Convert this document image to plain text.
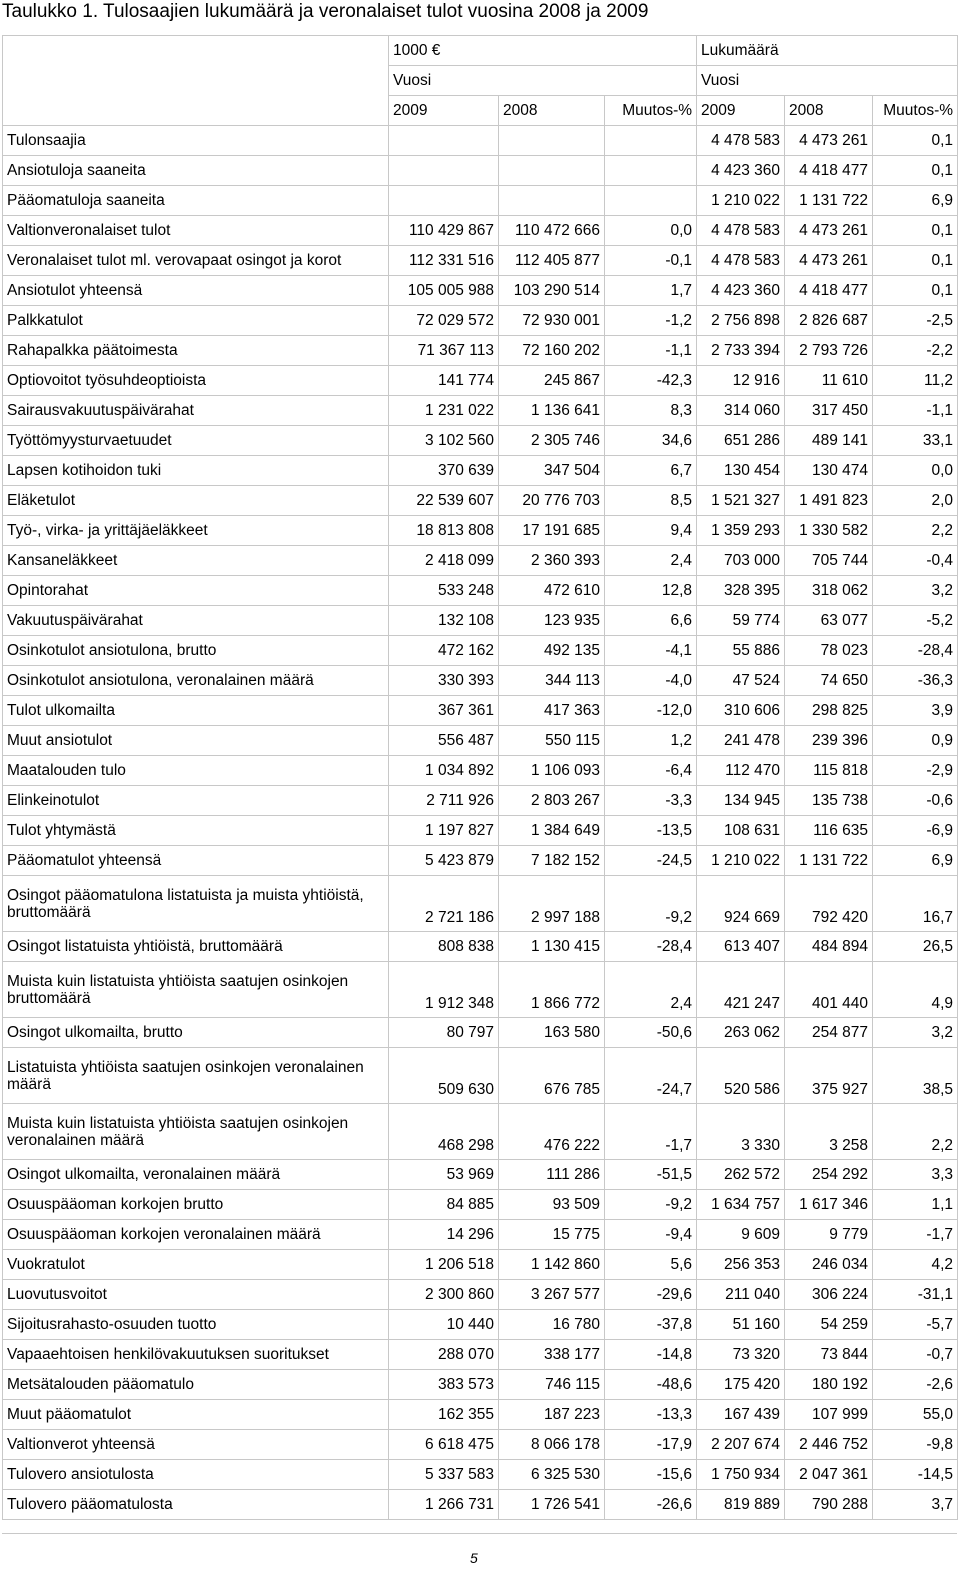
Taulukko 1. Tulosaajien lukumäärä ja veronalaiset tulot vuosina 2008 ja 2009
	1000 €			Lukumäärä		
	Vuosi			Vuosi		
	2009	2008	Muutos-%	2009	2008	Muutos-%
Tulonsaajia				4 478 583	4 473 261	0,1
Ansiotuloja saaneita				4 423 360	4 418 477	0,1
Pääomatuloja saaneita				1 210 022	1 131 722	6,9
Valtionveronalaiset tulot	110 429 867	110 472 666	0,0	4 478 583	4 473 261	0,1
Veronalaiset tulot ml. verovapaat osingot ja korot	112 331 516	112 405 877	-0,1	4 478 583	4 473 261	0,1
Ansiotulot yhteensä	105 005 988	103 290 514	1,7	4 423 360	4 418 477	0,1
Palkkatulot	72 029 572	72 930 001	-1,2	2 756 898	2 826 687	-2,5
Rahapalkka päätoimesta	71 367 113	72 160 202	-1,1	2 733 394	2 793 726	-2,2
Optiovoitot työsuhdeoptioista	141 774	245 867	-42,3	12 916	11 610	11,2
Sairausvakuutuspäivärahat	1 231 022	1 136 641	8,3	314 060	317 450	-1,1
Työttömyysturvaetuudet	3 102 560	2 305 746	34,6	651 286	489 141	33,1
Lapsen kotihoidon tuki	370 639	347 504	6,7	130 454	130 474	0,0
Eläketulot	22 539 607	20 776 703	8,5	1 521 327	1 491 823	2,0
Työ-, virka- ja yrittäjäeläkkeet	18 813 808	17 191 685	9,4	1 359 293	1 330 582	2,2
Kansaneläkkeet	2 418 099	2 360 393	2,4	703 000	705 744	-0,4
Opintorahat	533 248	472 610	12,8	328 395	318 062	3,2
Vakuutuspäivärahat	132 108	123 935	6,6	59 774	63 077	-5,2
Osinkotulot ansiotulona, brutto	472 162	492 135	-4,1	55 886	78 023	-28,4
Osinkotulot ansiotulona, veronalainen määrä	330 393	344 113	-4,0	47 524	74 650	-36,3
Tulot ulkomailta	367 361	417 363	-12,0	310 606	298 825	3,9
Muut ansiotulot	556 487	550 115	1,2	241 478	239 396	0,9
Maatalouden tulo	1 034 892	1 106 093	-6,4	112 470	115 818	-2,9
Elinkeinotulot	2 711 926	2 803 267	-3,3	134 945	135 738	-0,6
Tulot yhtymästä	1 197 827	1 384 649	-13,5	108 631	116 635	-6,9
Pääomatulot yhteensä	5 423 879	7 182 152	-24,5	1 210 022	1 131 722	6,9
Osingot pääomatulona listatuista ja muista yhtiöistä, bruttomäärä	2 721 186	2 997 188	-9,2	924 669	792 420	16,7
Osingot listatuista yhtiöistä, bruttomäärä	808 838	1 130 415	-28,4	613 407	484 894	26,5
Muista kuin listatuista yhtiöista saatujen osinkojen bruttomäärä	1 912 348	1 866 772	2,4	421 247	401 440	4,9
Osingot ulkomailta, brutto	80 797	163 580	-50,6	263 062	254 877	3,2
Listatuista yhtiöista saatujen osinkojen veronalainen määrä	509 630	676 785	-24,7	520 586	375 927	38,5
Muista kuin listatuista yhtiöista saatujen osinkojen veronalainen määrä	468 298	476 222	-1,7	3 330	3 258	2,2
Osingot ulkomailta, veronalainen määrä	53 969	111 286	-51,5	262 572	254 292	3,3
Osuuspääoman korkojen brutto	84 885	93 509	-9,2	1 634 757	1 617 346	1,1
Osuuspääoman korkojen veronalainen määrä	14 296	15 775	-9,4	9 609	9 779	-1,7
Vuokratulot	1 206 518	1 142 860	5,6	256 353	246 034	4,2
Luovutusvoitot	2 300 860	3 267 577	-29,6	211 040	306 224	-31,1
Sijoitusrahasto-osuuden tuotto	10 440	16 780	-37,8	51 160	54 259	-5,7
Vapaaehtoisen henkilövakuutuksen suoritukset	288 070	338 177	-14,8	73 320	73 844	-0,7
Metsätalouden pääomatulo	383 573	746 115	-48,6	175 420	180 192	-2,6
Muut pääomatulot	162 355	187 223	-13,3	167 439	107 999	55,0
Valtionverot yhteensä	6 618 475	8 066 178	-17,9	2 207 674	2 446 752	-9,8
Tulovero ansiotulosta	5 337 583	6 325 530	-15,6	1 750 934	2 047 361	-14,5
Tulovero pääomatulosta	1 266 731	1 726 541	-26,6	819 889	790 288	3,7
5
